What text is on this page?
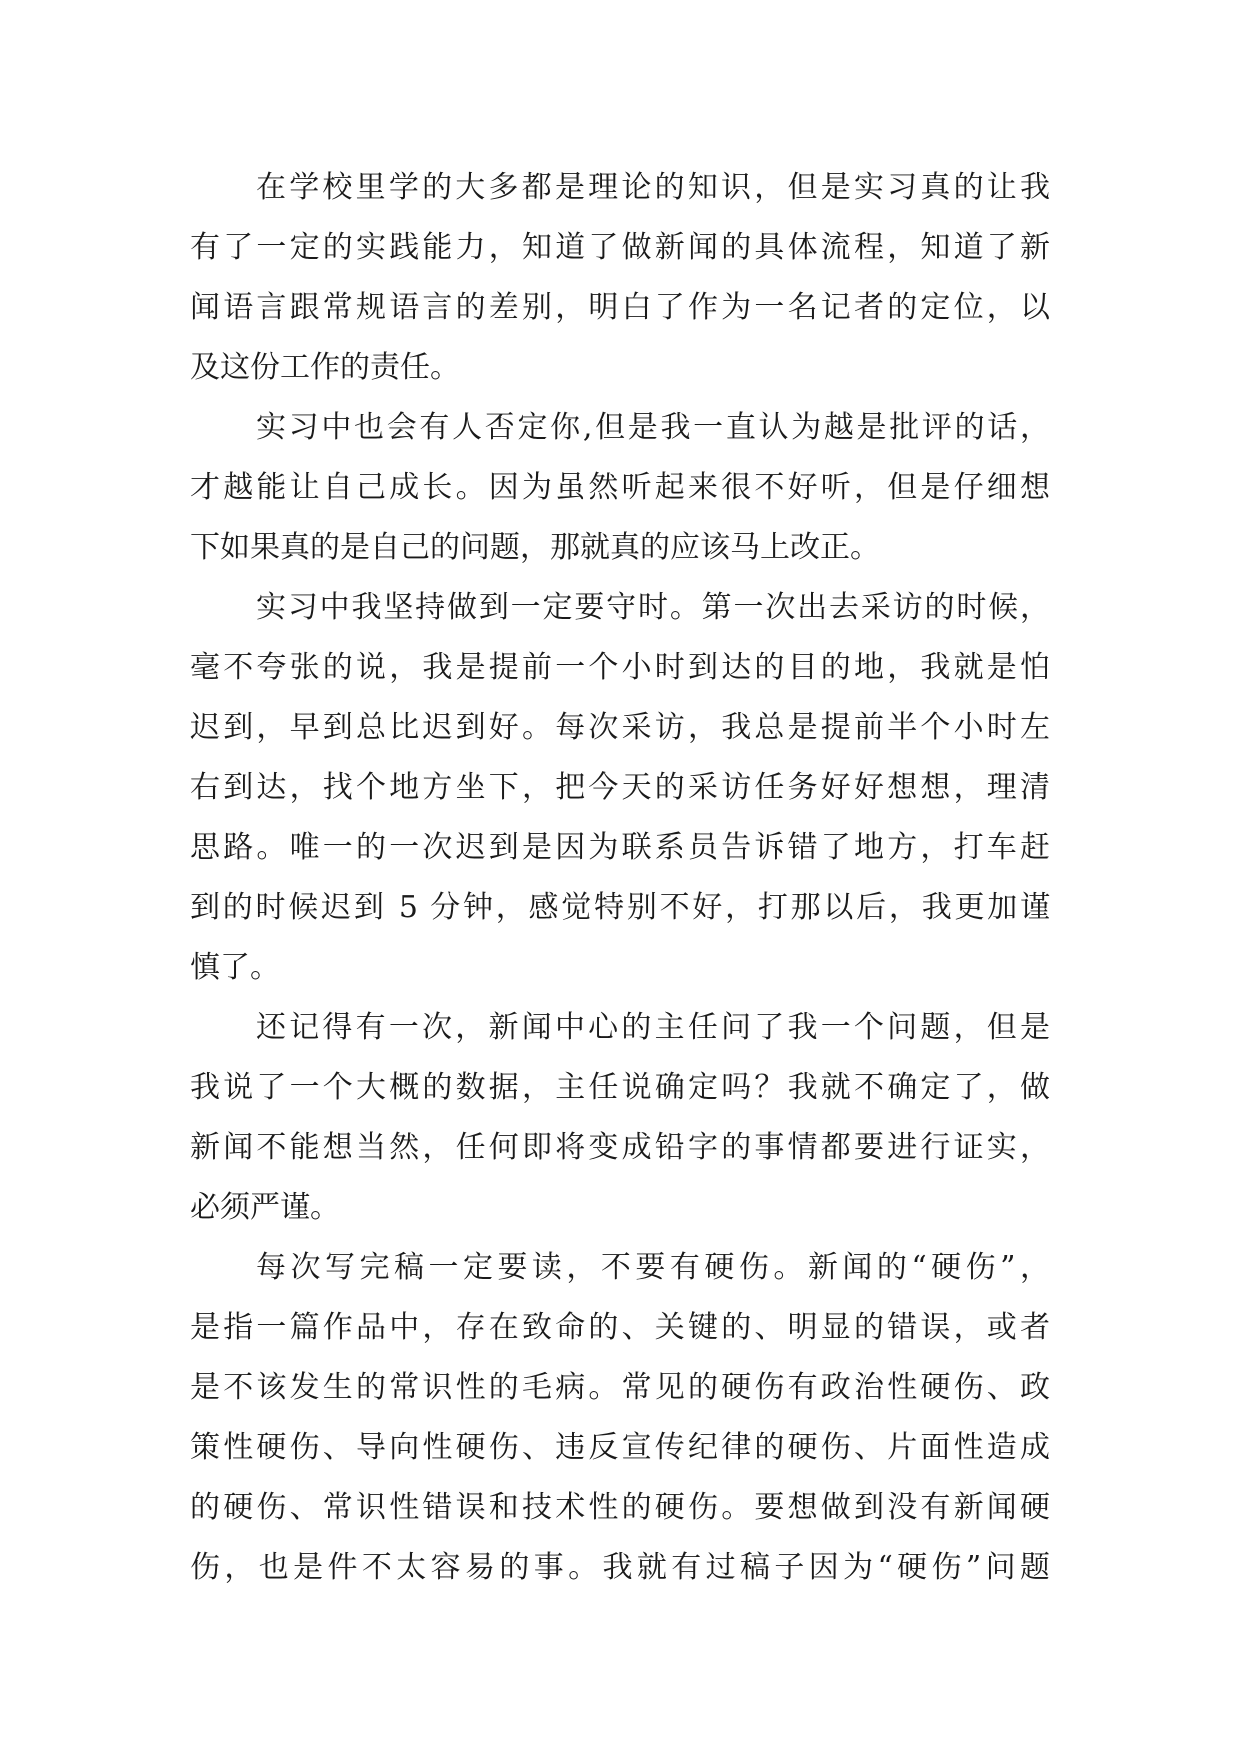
在学校里学的大多都是理论的知识，但是实习真的让我
有了一定的实践能力，知道了做新闻的具体流程，知道了新
闻语言跟常规语言的差别，明白了作为一名记者的定位，以
及这份工作的责任。
实习中也会有人否定你,但是我一直认为越是批评的话，
才越能让自己成长。因为虽然听起来很不好听，但是仔细想
下如果真的是自己的问题，那就真的应该马上改正。
实习中我坚持做到一定要守时。第一次出去采访的时候，
毫不夸张的说，我是提前一个小时到达的目的地，我就是怕
迟到，早到总比迟到好。每次采访，我总是提前半个小时左
右到达，找个地方坐下，把今天的采访任务好好想想，理清
思路。唯一的一次迟到是因为联系员告诉错了地方，打车赶
到的时候迟到 5 分钟，感觉特别不好，打那以后，我更加谨
慎了。
还记得有一次，新闻中心的主任问了我一个问题，但是
我说了一个大概的数据，主任说确定吗？我就不确定了，做
新闻不能想当然，任何即将变成铅字的事情都要进行证实，
必须严谨。
每次写完稿一定要读，不要有硬伤。新闻的“硬伤”，
是指一篇作品中，存在致命的、关键的、明显的错误，或者
是不该发生的常识性的毛病。常见的硬伤有政治性硬伤、政
策性硬伤、导向性硬伤、违反宣传纪律的硬伤、片面性造成
的硬伤、常识性错误和技术性的硬伤。要想做到没有新闻硬
伤，也是件不太容易的事。我就有过稿子因为“硬伤”问题
